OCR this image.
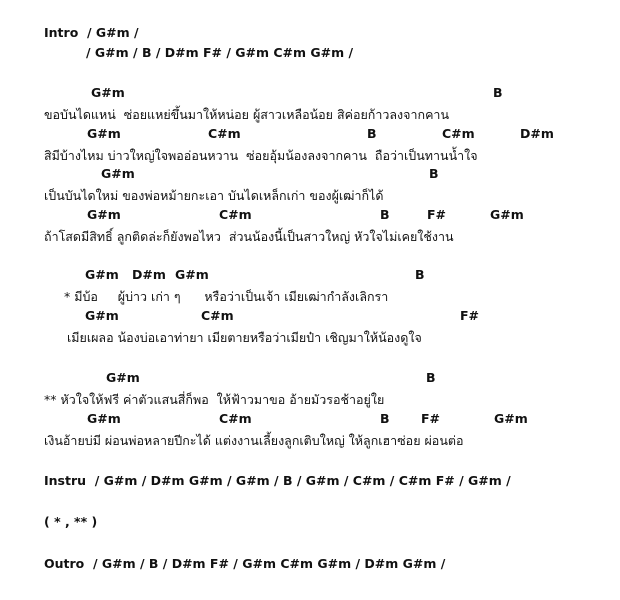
Intro  / G#m /
/ G#m / B / D#m F# / G#m C#m G#m /
Instru  / G#m / D#m G#m / G#m / B / G#m / C#m / C#m F# / G#m /
( * , ** )
Outro  / G#m / B / D#m F# / G#m C#m G#m / D#m G#m /
G#m	B
ขอบันไดแหน่  ซ่อยแหย่ขึ้นมาให้หน่อย ผู้สาวเหลือน้อย สิค่อยก้าวลงจากคาน
G#m	C#m	B	C#m	D#m
สิมีบ้างไหม บ่าวใหญ่ใจพออ่อนหวาน  ซ่อยอุ้มน้องลงจากคาน  ถือว่าเป็นทานน้ำใจ
G#m	B
เป็นบันไดใหม่ ของพ่อหม้ายกะเอา บันไดเหล็กเก่า ของผู้เฒ่าก็ได้
G#m	C#m	B	F#	G#m
ถ้าโสดมีสิทธิ์ ลูกติดล่ะก็ยังพอไหว  ส่วนน้องนี้เป็นสาวใหญ่ หัวใจไม่เคยใช้งาน
G#m D#m G#m	B
* มีบ้อ     ผู้บ่าว เก่า ๆ      หรือว่าเป็นเจ้า เมียเฒ่ากำลังเลิกรา
G#m	C#m	F#
เมียเผลอ น้องบ่อเอาท่ายา เมียตายหรือว่าเมียป๋า เชิญมาให้น้องดูใจ
G#m	B
** หัวใจให้ฟรี ค่าตัวแสนสี่ก็พอ  ให้ฟ้าวมาขอ อ้ายมัวรอช้าอยู่ใย
G#m	C#m	B	F#	G#m
เงินอ้ายบ่มี ผ่อนพ่อหลายปีกะได้ แต่งงานเลี้ยงลูกเติบใหญ่ ให้ลูกเฮาซ่อย ผ่อนต่อ
